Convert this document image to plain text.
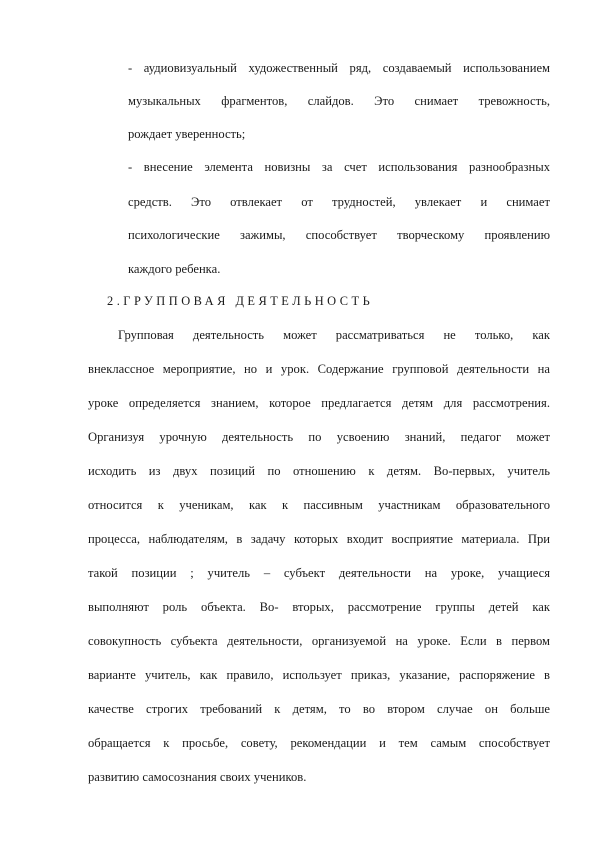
- аудиовизуальный художественный ряд, создаваемый использованием
музыкальных фрагментов, слайдов. Это снимает тревожность,
рождает уверенность;
- внесение элемента новизны за счет использования разнообразных
средств. Это отвлекает от трудностей, увлекает и снимает
психологические зажимы, способствует творческому проявлению
каждого ребенка.
2.ГРУППОВАЯ ДЕЯТЕЛЬНОСТЬ
Групповая деятельность может рассматриваться не только, как
внеклассное мероприятие, но и урок. Содержание групповой деятельности на
уроке определяется знанием, которое предлагается детям для рассмотрения.
Организуя урочную деятельность по усвоению знаний, педагог может
исходить из двух позиций по отношению к детям. Во-первых, учитель
относится к ученикам, как к пассивным участникам образовательного
процесса, наблюдателям, в задачу которых входит восприятие материала. При
такой позиции ; учитель – субъект деятельности на уроке, учащиеся
выполняют роль объекта. Во- вторых, рассмотрение группы детей как
совокупность субъекта деятельности, организуемой на уроке. Если в первом
варианте учитель, как правило, использует приказ, указание, распоряжение в
качестве строгих требований к детям, то во втором случае он больше
обращается к просьбе, совету, рекомендации и тем самым способствует
развитию самосознания своих учеников.
